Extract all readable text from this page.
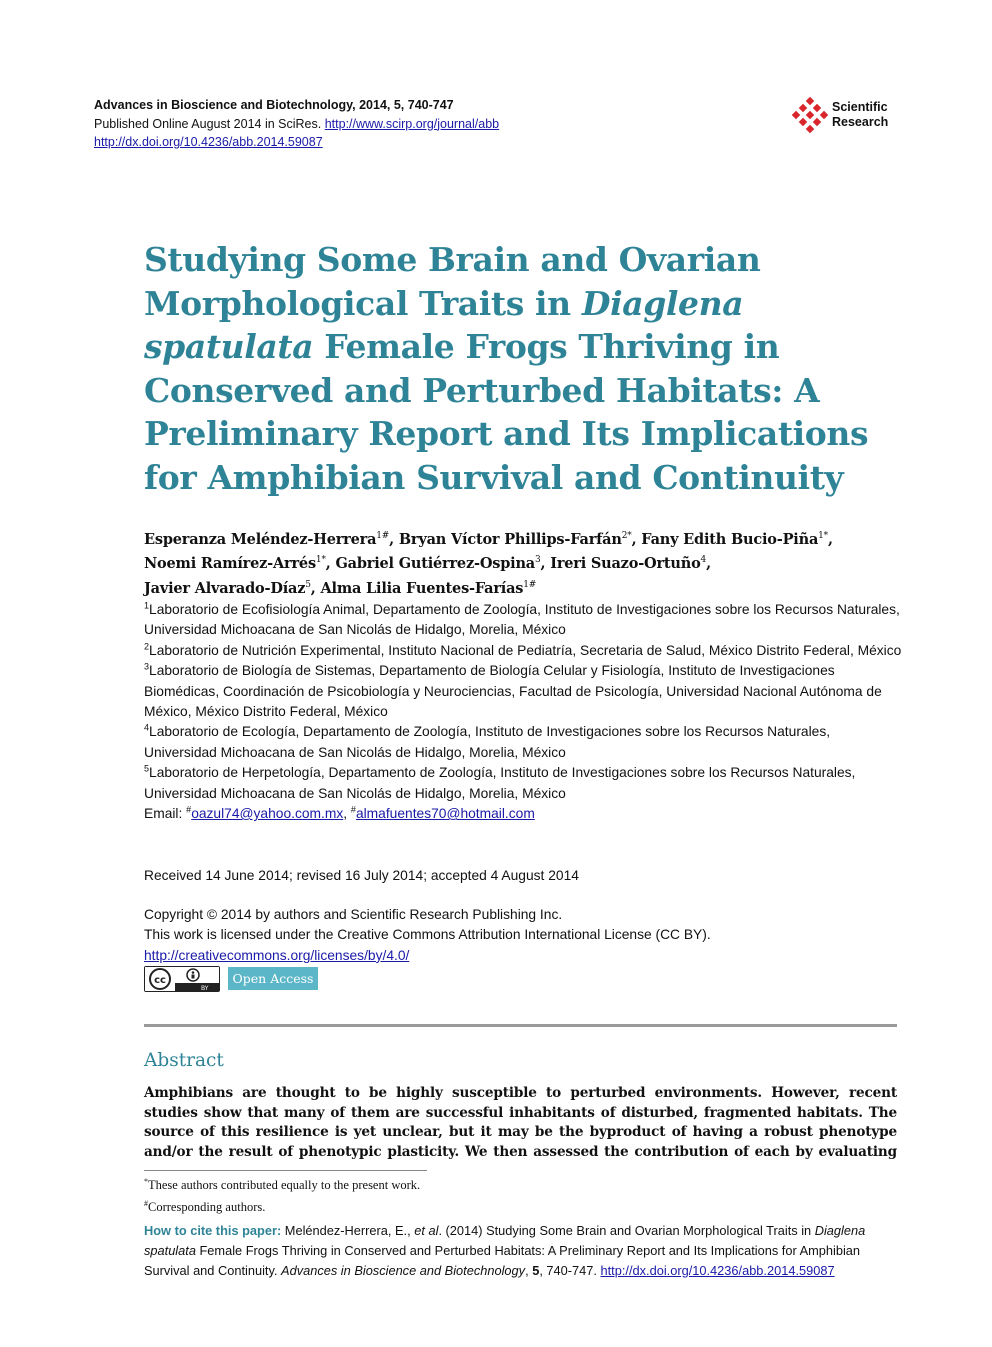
Advances in Bioscience and Biotechnology, 2014, 5, 740-747
Published Online August 2014 in SciRes. http://www.scirp.org/journal/abb
http://dx.doi.org/10.4236/abb.2014.59087
Scientific
Research
Studying Some Brain and Ovarian Morphological Traits in Diaglena spatulata Female Frogs Thriving in Conserved and Perturbed Habitats: A Preliminary Report and Its Implications for Amphibian Survival and Continuity
Esperanza Meléndez-Herrera$^{1\#}$, Bryan Víctor Phillips-Farfán$^{2*}$, Fany Edith Bucio-Piña$^{1*}$,
Noemi Ramírez-Arrés$^{1*}$, Gabriel Gutiérrez-Ospina$^3$, Ireri Suazo-Ortuño$^4$,
Javier Alvarado-Díaz$^5$, Alma Lilia Fuentes-Farías$^{1\#}$
$^1$Laboratorio de Ecofisiología Animal, Departamento de Zoología, Instituto de Investigaciones sobre los Recursos Naturales, Universidad Michoacana de San Nicolás de Hidalgo, Morelia, México
$^2$Laboratorio de Nutrición Experimental, Instituto Nacional de Pediatría, Secretaria de Salud, México Distrito Federal, México
$^3$Laboratorio de Biología de Sistemas, Departamento de Biología Celular y Fisiología, Instituto de Investigaciones Biomédicas, Coordinación de Psicobiología y Neurociencias, Facultad de Psicología, Universidad Nacional Autónoma de México, México Distrito Federal, México
$^4$Laboratorio de Ecología, Departamento de Zoología, Instituto de Investigaciones sobre los Recursos Naturales, Universidad Michoacana de San Nicolás de Hidalgo, Morelia, México
$^5$Laboratorio de Herpetología, Departamento de Zoología, Instituto de Investigaciones sobre los Recursos Naturales, Universidad Michoacana de San Nicolás de Hidalgo, Morelia, México
Email: #oazul74@yahoo.com.mx, #almafuentes70@hotmail.com
Received 14 June 2014; revised 16 July 2014; accepted 4 August 2014
Copyright © 2014 by authors and Scientific Research Publishing Inc.
This work is licensed under the Creative Commons Attribution International License (CC BY).
http://creativecommons.org/licenses/by/4.0/
cc
BY
Open Access
Abstract
Amphibians are thought to be highly susceptible to perturbed environments. However, recent studies show that many of them are successful inhabitants of disturbed, fragmented habitats. The source of this resilience is yet unclear, but it may be the byproduct of having a robust phenotype and/or the result of phenotypic plasticity. We then assessed the contribution of each by evaluating
*These authors contributed equally to the present work.
#Corresponding authors.
How to cite this paper: Meléndez-Herrera, E., et al. (2014) Studying Some Brain and Ovarian Morphological Traits in Diaglena spatulata Female Frogs Thriving in Conserved and Perturbed Habitats: A Preliminary Report and Its Implications for Amphibian Survival and Continuity. Advances in Bioscience and Biotechnology, 5, 740-747. http://dx.doi.org/10.4236/abb.2014.59087
